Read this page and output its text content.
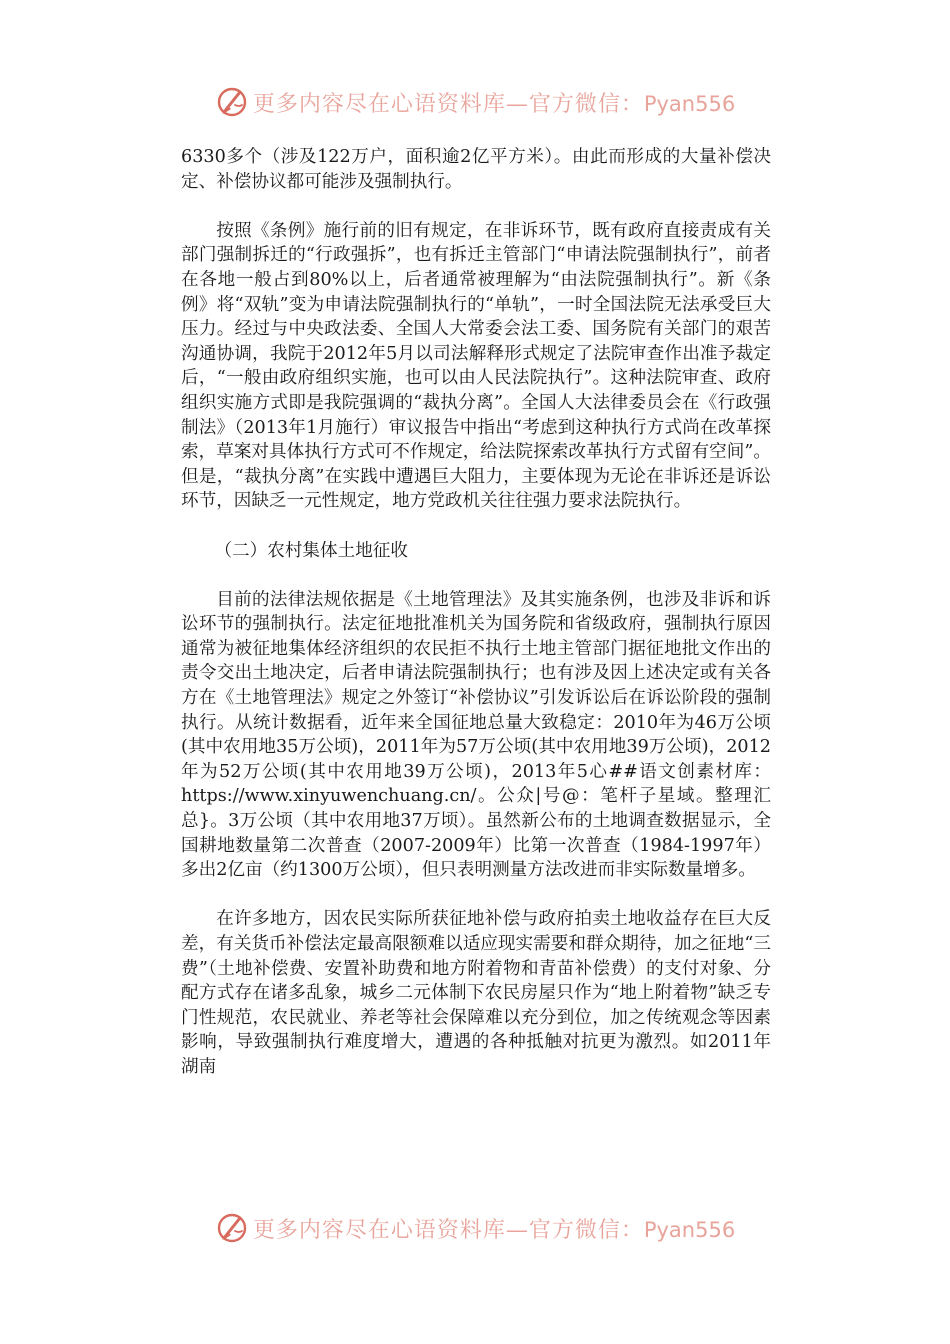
更多内容尽在心语资料库—官方微信：Pyan556

6330多个（涉及122万户，面积逾2亿平方米）。由此而形成的大量补偿决定、补偿协议都可能涉及强制执行。

按照《条例》施行前的旧有规定，在非诉环节，既有政府直接责成有关部门强制拆迁的“行政强拆”，也有拆迁主管部门“申请法院强制执行”，前者在各地一般占到80%以上，后者通常被理解为“由法院强制执行”。新《条例》将“双轨”变为申请法院强制执行的“单轨”，一时全国法院无法承受巨大压力。经过与中央政法委、全国人大常委会法工委、国务院有关部门的艰苦沟通协调，我院于2012年5月以司法解释形式规定了法院审查作出准予裁定后，“一般由政府组织实施，也可以由人民法院执行”。这种法院审查、政府组织实施方式即是我院强调的“裁执分离”。全国人大法律委员会在《行政强制法》（2013年1月施行）审议报告中指出“考虑到这种执行方式尚在改革探索，草案对具体执行方式可不作规定，给法院探索改革执行方式留有空间”。但是，“裁执分离”在实践中遭遇巨大阻力，主要体现为无论在非诉还是诉讼环节，因缺乏一元性规定，地方党政机关往往强力要求法院执行。

（二）农村集体土地征收

目前的法律法规依据是《土地管理法》及其实施条例，也涉及非诉和诉讼环节的强制执行。法定征地批准机关为国务院和省级政府，强制执行原因通常为被征地集体经济组织的农民拒不执行土地主管部门据征地批文作出的责令交出土地决定，后者申请法院强制执行；也有涉及因上述决定或有关各方在《土地管理法》规定之外签订“补偿协议”引发诉讼后在诉讼阶段的强制执行。从统计数据看，近年来全国征地总量大致稳定：2010年为46万公顷(其中农用地35万公顷)，2011年为57万公顷(其中农用地39万公顷)，2012年为52万公顷(其中农用地39万公顷)，2013年5心##语文创素材库：https://www.xinyuwenchuang.cn/。公众|号@：笔杆子星域。整理汇总}。3万公顷（其中农用地37万顷）。虽然新公布的土地调查数据显示，全国耕地数量第二次普查（2007-2009年）比第一次普查（1984-1997年）多出2亿亩（约1300万公顷），但只表明测量方法改进而非实际数量增多。

在许多地方，因农民实际所获征地补偿与政府拍卖土地收益存在巨大反差，有关货币补偿法定最高限额难以适应现实需要和群众期待，加之征地“三费”（土地补偿费、安置补助费和地方附着物和青苗补偿费）的支付对象、分配方式存在诸多乱象，城乡二元体制下农民房屋只作为“地上附着物”缺乏专门性规范，农民就业、养老等社会保障难以充分到位，加之传统观念等因素影响，导致强制执行难度增大，遭遇的各种抵触对抗更为激烈。如2011年湖南

更多内容尽在心语资料库—官方微信：Pyan556
